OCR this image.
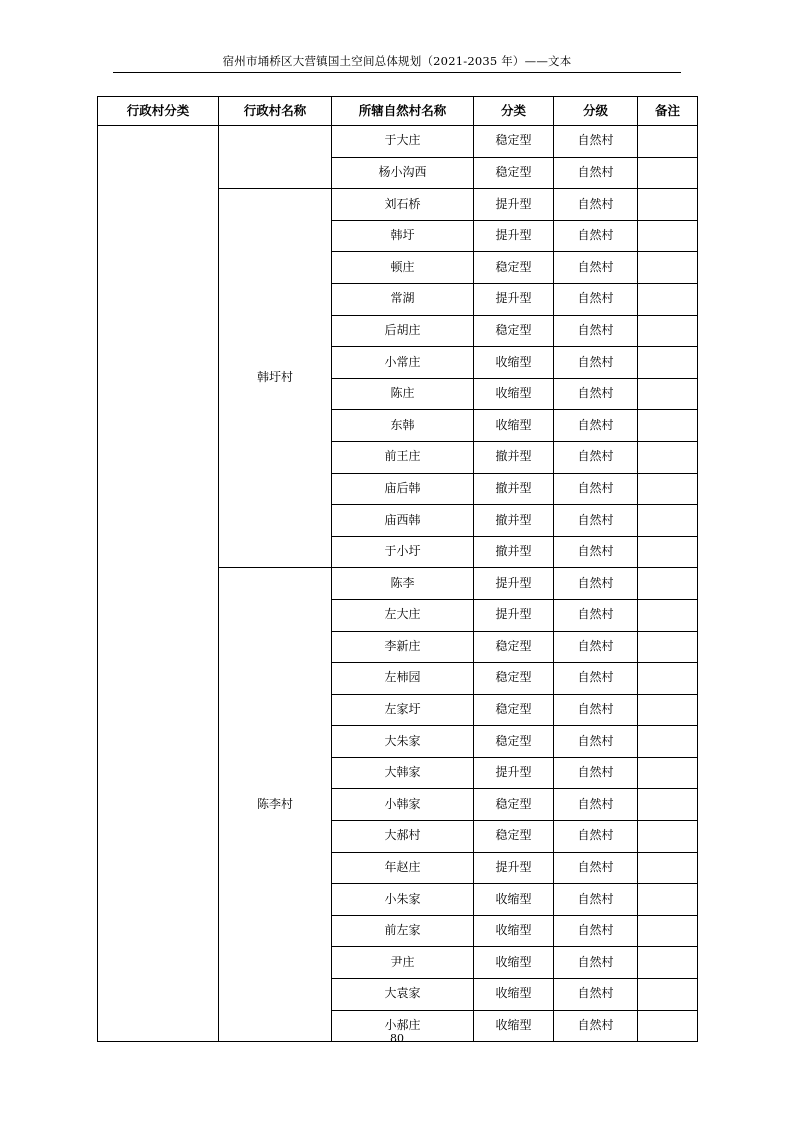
宿州市埇桥区大营镇国土空间总体规划（2021-2035 年）——文本
行政村分类	行政村名称	所辖自然村名称	分类	分级	备注
		于大庄	稳定型	自然村	
		杨小沟西	稳定型	自然村	
	韩圩村	刘石桥	提升型	自然村	
		韩圩	提升型	自然村	
		顿庄	稳定型	自然村	
		常湖	提升型	自然村	
		后胡庄	稳定型	自然村	
		小常庄	收缩型	自然村	
		陈庄	收缩型	自然村	
		东韩	收缩型	自然村	
		前王庄	撤并型	自然村	
		庙后韩	撤并型	自然村	
		庙西韩	撤并型	自然村	
		于小圩	撤并型	自然村	
	陈李村	陈李	提升型	自然村	
		左大庄	提升型	自然村	
		李新庄	稳定型	自然村	
		左柿园	稳定型	自然村	
		左家圩	稳定型	自然村	
		大朱家	稳定型	自然村	
		大韩家	提升型	自然村	
		小韩家	稳定型	自然村	
		大郝村	稳定型	自然村	
		年赵庄	提升型	自然村	
		小朱家	收缩型	自然村	
		前左家	收缩型	自然村	
		尹庄	收缩型	自然村	
		大袁家	收缩型	自然村	
		小郝庄	收缩型	自然村	
80
